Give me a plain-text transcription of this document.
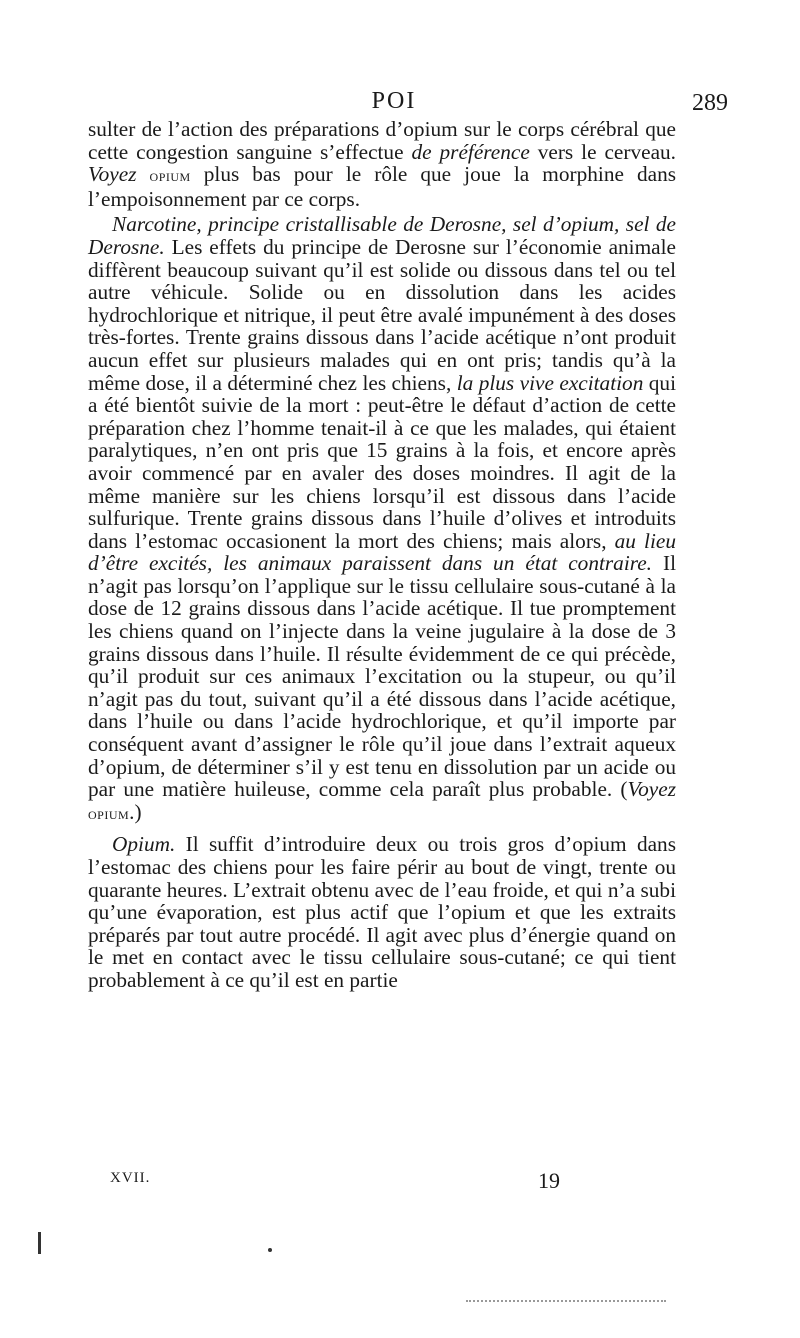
POI	289

sulter de l’action des préparations d’opium sur le corps cérébral que cette congestion sanguine s’effectue de préférence vers le cerveau. Voyez opium plus bas pour le rôle que joue la morphine dans l’empoisonnement par ce corps.

Narcotine, principe cristallisable de Derosne, sel d’opium, sel de Derosne. Les effets du principe de Derosne sur l’économie animale diffèrent beaucoup suivant qu’il est solide ou dissous dans tel ou tel autre véhicule. Solide ou en dissolution dans les acides hydrochlorique et nitrique, il peut être avalé impunément à des doses très-fortes. Trente grains dissous dans l’acide acétique n’ont produit aucun effet sur plusieurs malades qui en ont pris; tandis qu’à la même dose, il a déterminé chez les chiens, la plus vive excitation qui a été bientôt suivie de la mort : peut-être le défaut d’action de cette préparation chez l’homme tenait-il à ce que les malades, qui étaient paralytiques, n’en ont pris que 15 grains à la fois, et encore après avoir commencé par en avaler des doses moindres. Il agit de la même manière sur les chiens lorsqu’il est dissous dans l’acide sulfurique. Trente grains dissous dans l’huile d’olives et introduits dans l’estomac occasionent la mort des chiens; mais alors, au lieu d’être excités, les animaux paraissent dans un état contraire. Il n’agit pas lorsqu’on l’applique sur le tissu cellulaire sous-cutané à la dose de 12 grains dissous dans l’acide acétique. Il tue promptement les chiens quand on l’injecte dans la veine jugulaire à la dose de 3 grains dissous dans l’huile. Il résulte évidemment de ce qui précède, qu’il produit sur ces animaux l’excitation ou la stupeur, ou qu’il n’agit pas du tout, suivant qu’il a été dissous dans l’acide acétique, dans l’huile ou dans l’acide hydrochlorique, et qu’il importe par conséquent avant d’assigner le rôle qu’il joue dans l’extrait aqueux d’opium, de déterminer s’il y est tenu en dissolution par un acide ou par une matière huileuse, comme cela paraît plus probable. (Voyez opium.)

Opium. Il suffit d’introduire deux ou trois gros d’opium dans l’estomac des chiens pour les faire périr au bout de vingt, trente ou quarante heures. L’extrait obtenu avec de l’eau froide, et qui n’a subi qu’une évaporation, est plus actif que l’opium et que les extraits préparés par tout autre procédé. Il agit avec plus d’énergie quand on le met en contact avec le tissu cellulaire sous-cutané; ce qui tient probablement à ce qu’il est en partie

XVII.	19
